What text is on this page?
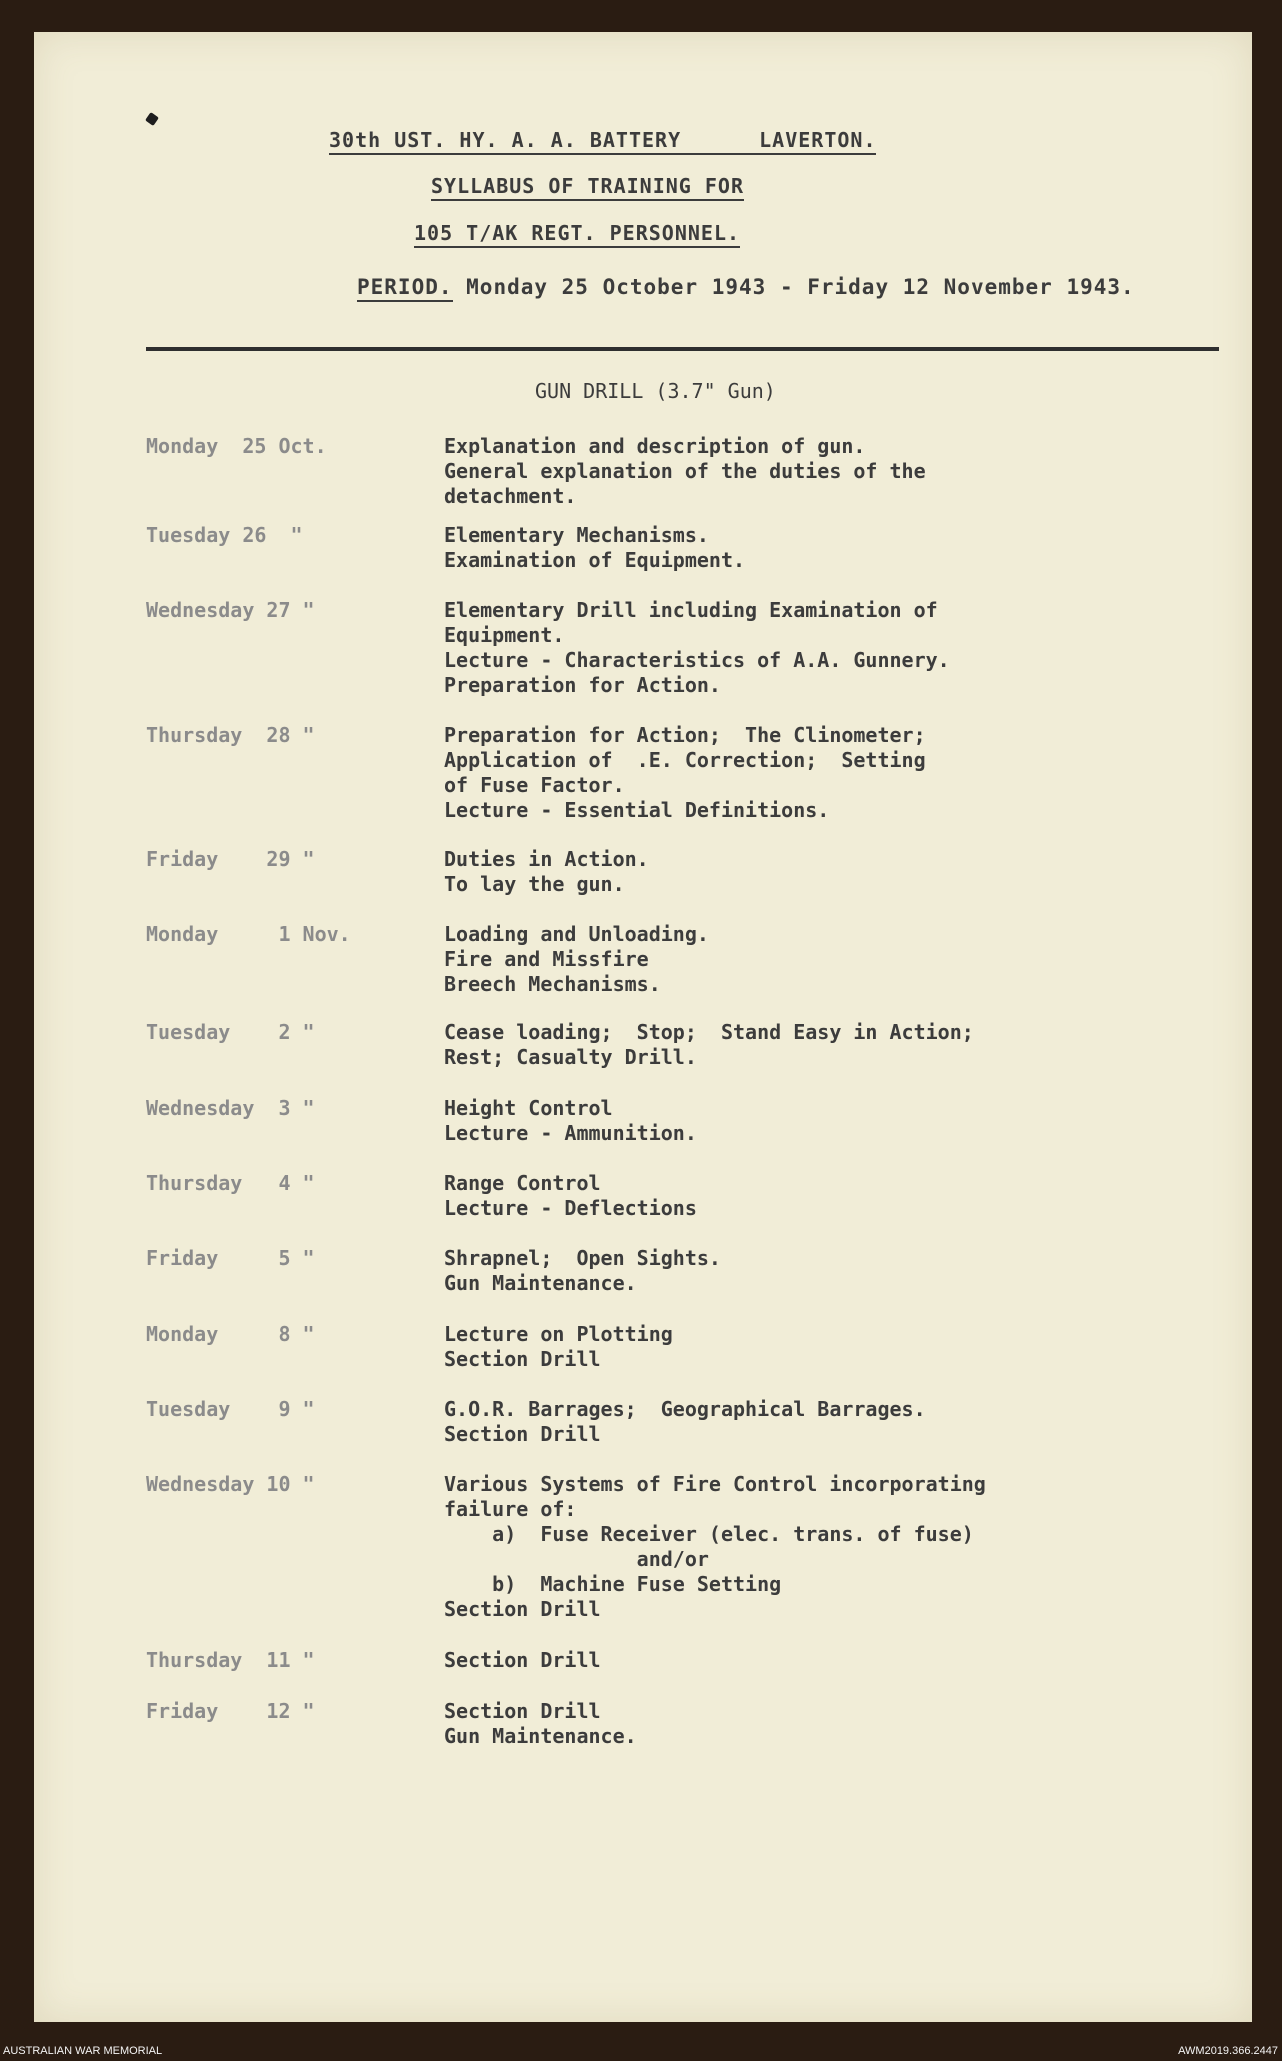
30th UST. HY. A. A. BATTERY	LAVERTON.
SYLLABUS OF TRAINING FOR
105 T/AK REGT. PERSONNEL.
PERIOD. Monday 25 October 1943 - Friday 12 November 1943.
GUN DRILL (3.7" Gun)
Monday  25 Oct.	Explanation and description of gun.
General explanation of the duties of the
detachment.
Tuesday 26  "	Elementary Mechanisms.
Examination of Equipment.
Wednesday 27 "	Elementary Drill including Examination of
Equipment.
Lecture - Characteristics of A.A. Gunnery.
Preparation for Action.
Thursday  28 "	Preparation for Action;  The Clinometer;
Application of  .E. Correction;  Setting
of Fuse Factor.
Lecture - Essential Definitions.
Friday    29 "	Duties in Action.
To lay the gun.
Monday     1 Nov.	Loading and Unloading.
Fire and Missfire
Breech Mechanisms.
Tuesday    2 "	Cease loading;  Stop;  Stand Easy in Action;
Rest; Casualty Drill.
Wednesday  3 "	Height Control
Lecture - Ammunition.
Thursday   4 "	Range Control
Lecture - Deflections
Friday     5 "	Shrapnel;  Open Sights.
Gun Maintenance.
Monday     8 "	Lecture on Plotting
Section Drill
Tuesday    9 "	G.O.R. Barrages;  Geographical Barrages.
Section Drill
Wednesday 10 "	Various Systems of Fire Control incorporating
failure of:
a)  Fuse Receiver (elec. trans. of fuse)
and/or
b)  Machine Fuse Setting
Section Drill
Thursday  11 "	Section Drill
Friday    12 "	Section Drill
Gun Maintenance.
AUSTRALIAN WAR MEMORIAL	AWM2019.366.2447
